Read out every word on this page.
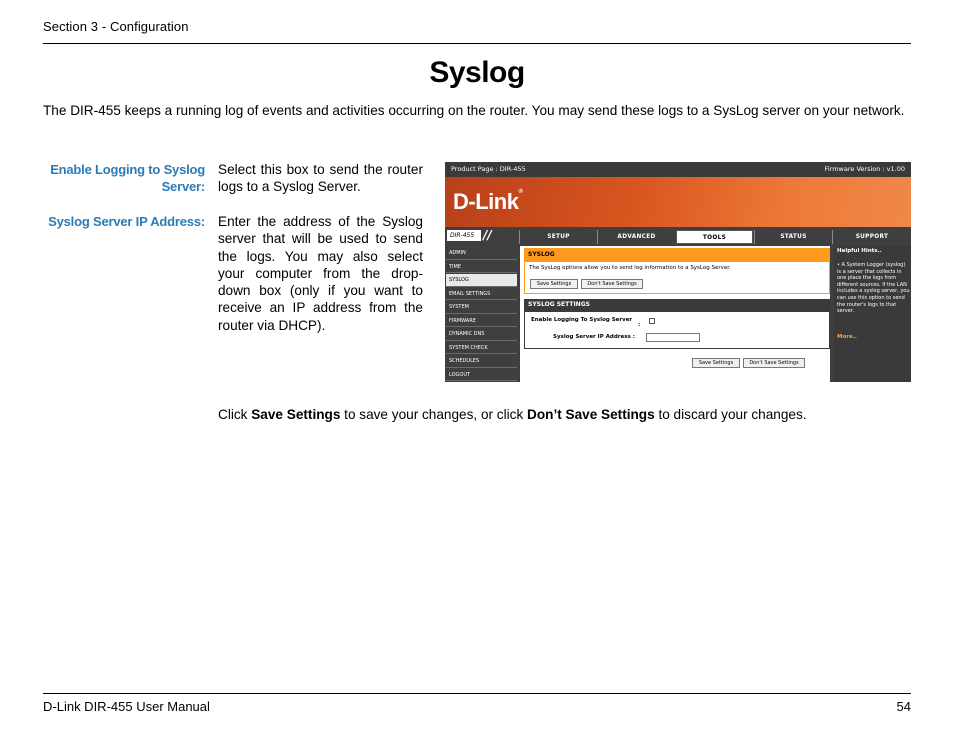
Section 3 - Configuration
Syslog

The DIR-455 keeps a running log of events and activities occurring on the router. You may send these logs to a SysLog server on your network.

Enable Logging to Syslog Server:
Select this box to send the router logs to a Syslog Server.
Syslog Server IP Address: Enter the address of the Syslog server that will be used to send the logs. You may also select your computer from the drop-down box (only if you want to receive an IP address from the router via DHCP).
Product Page : DIR-455	Firmware Version : v1.00
D-Link®
DIR-455 //	SETUP	ADVANCED	TOOLS	STATUS	SUPPORT
ADMIN
TIME
SYSLOG
EMAIL SETTINGS
SYSTEM
FIRMWARE
DYNAMIC DNS
SYSTEM CHECK
SCHEDULES
LOGOUT
SYSLOG
The SysLog options allow you to send log information to a SysLog Server.
Save Settings	Don't Save Settings
SYSLOG SETTINGS
Enable Logging To Syslog Server
:
Syslog Server IP Address :
Save Settings	Don't Save Settings
Helpful Hints..
• A System Logger (syslog) is a server that collects in one place the logs from different sources. If the LAN includes a syslog server, you can use this option to send the router's logs to that server.
More..

Click Save Settings to save your changes, or click Don’t Save Settings to discard your changes.

D-Link DIR-455 User Manual	54
